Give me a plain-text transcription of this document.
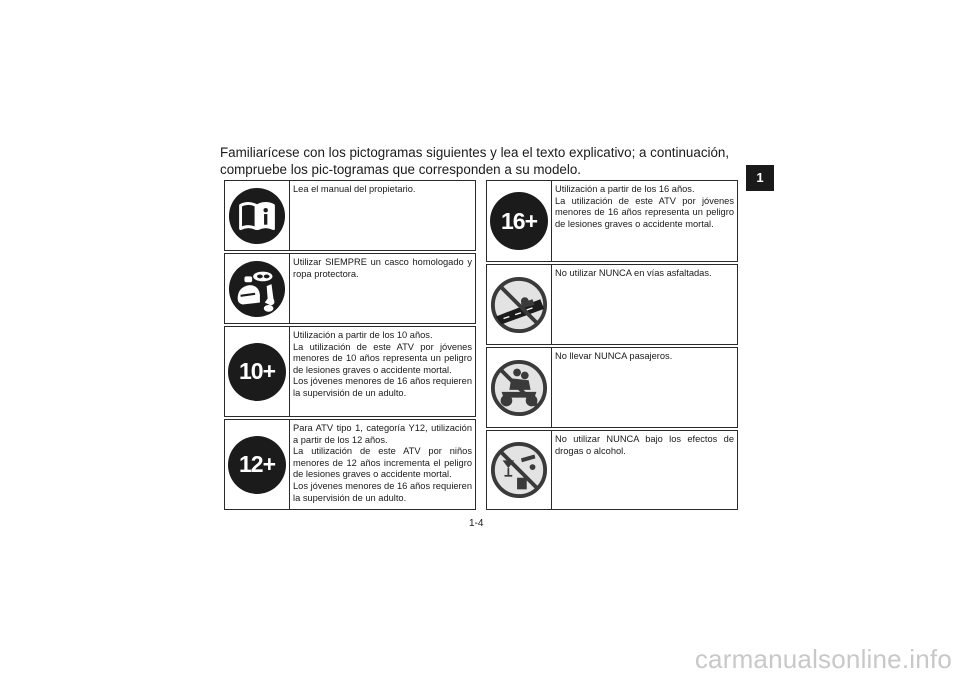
Familiarícese con los pictogramas siguientes y lea el texto explicativo; a continuación, compruebe los pic-togramas que corresponden a su modelo.

1

Lea el manual del propietario.

Utilizar SIEMPRE un casco homologado y ropa protectora.

10+

Utilización a partir de los 10 años.

La utilización de este ATV por jóvenes menores de 10 años representa un peligro de lesiones graves o accidente mortal.

Los jóvenes menores de 16 años requieren la supervisión de un adulto.

12+

Para ATV tipo 1, categoría Y12, utilización a partir de los 12 años.

La utilización de este ATV por niños menores de 12 años incrementa el peligro de lesiones graves o accidente mortal.

Los jóvenes menores de 16 años requieren la supervisión de un adulto.

16+

Utilización a partir de los 16 años.

La utilización de este ATV por jóvenes menores de 16 años representa un peligro de lesiones graves o accidente mortal.

No utilizar NUNCA en vías asfaltadas.

No llevar NUNCA pasajeros.

No utilizar NUNCA bajo los efectos de drogas o alcohol.

1-4
carmanualsonline.info
